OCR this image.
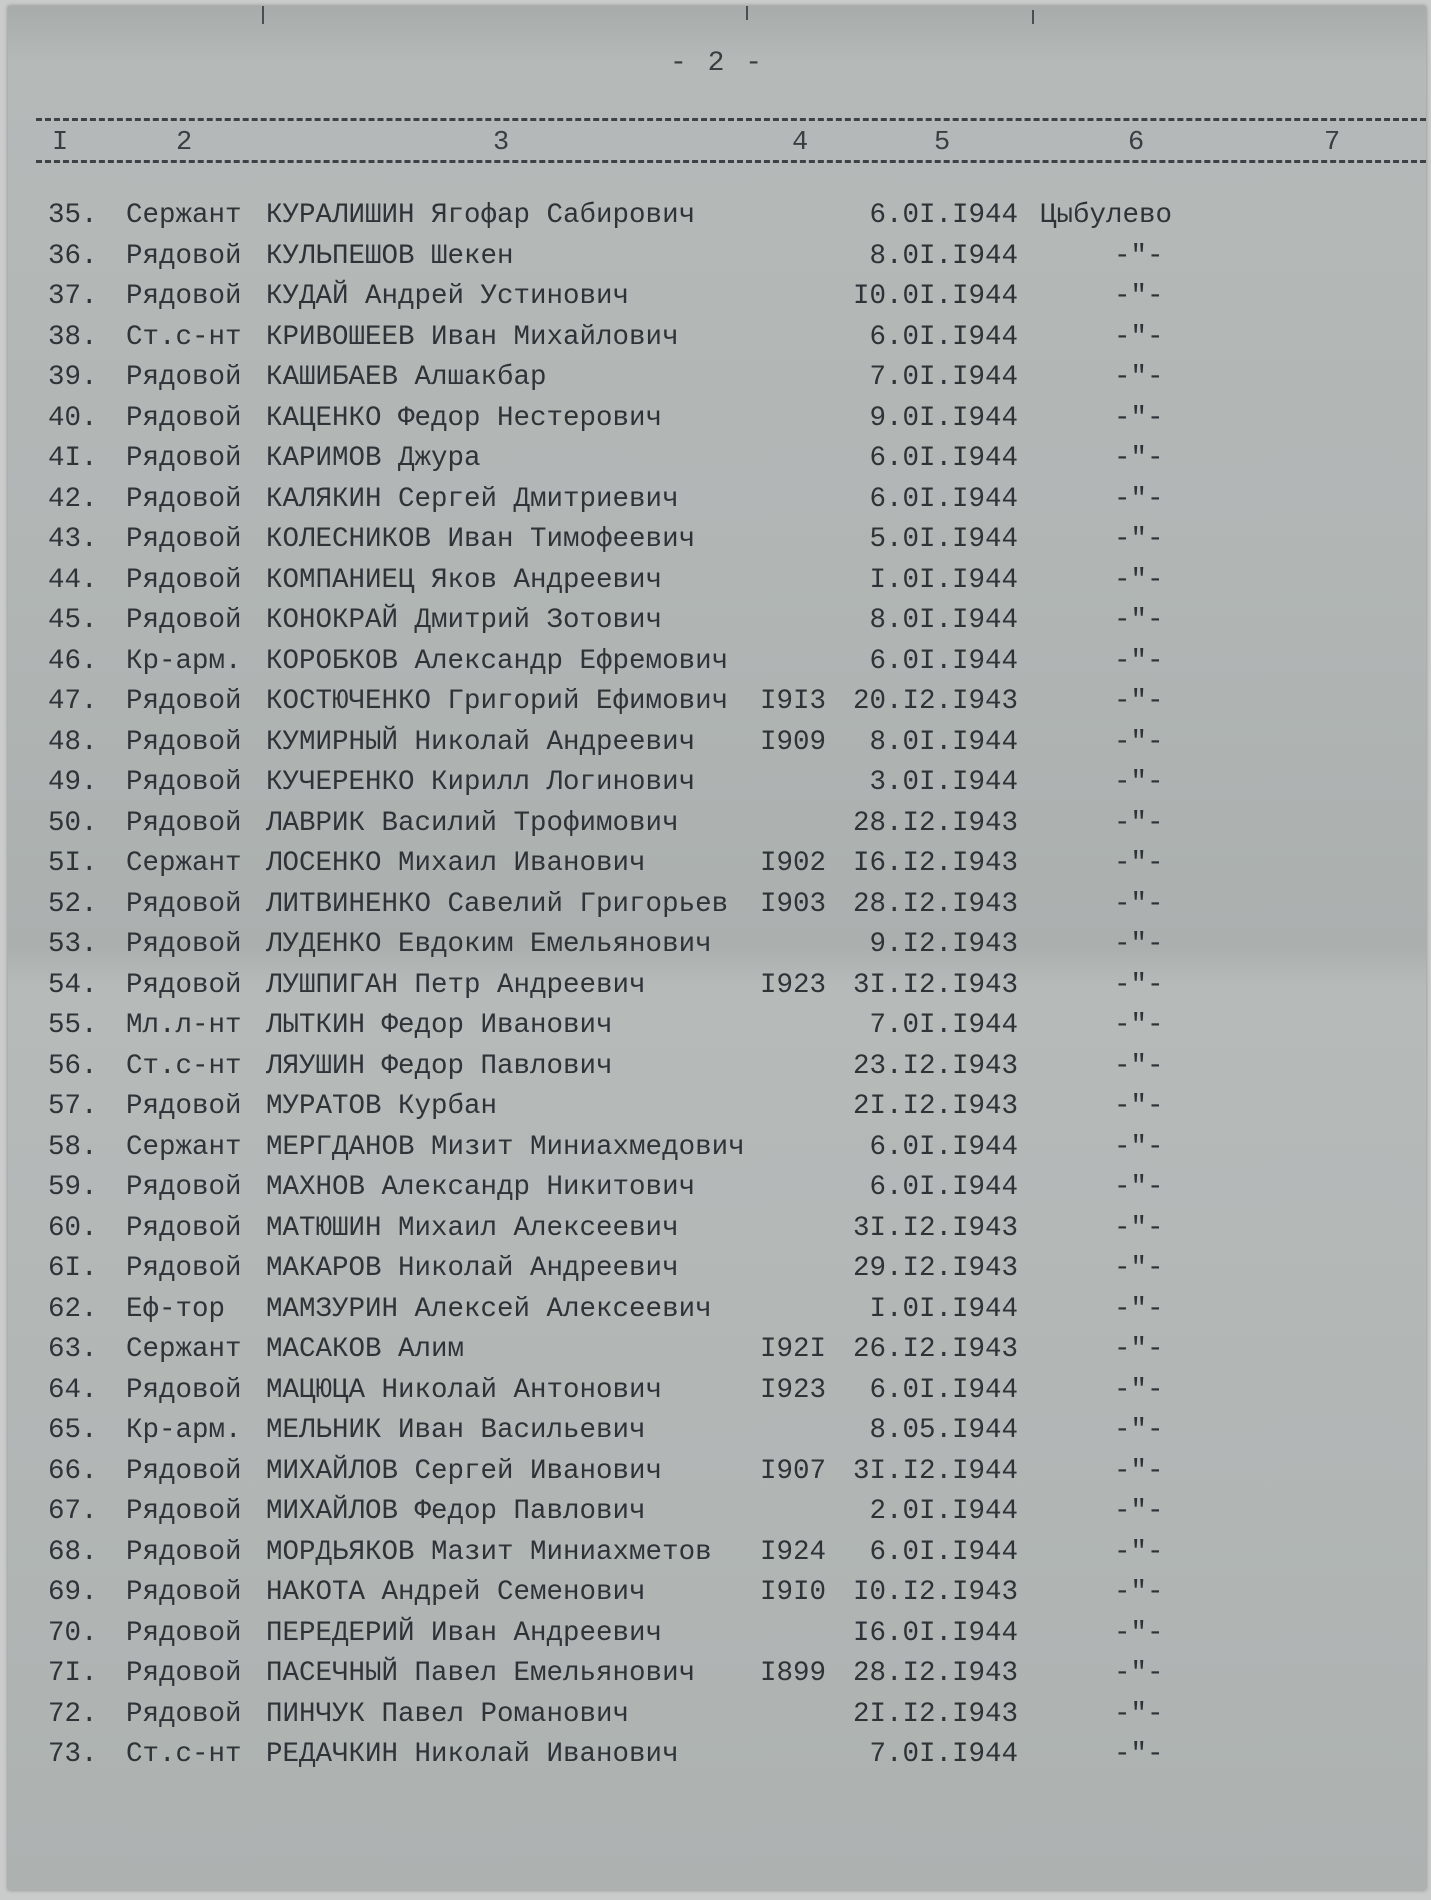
- 2 -
I	2	3	4	5	6	7
35. Сержант КУРАЛИШИН Ягофар Сабирович	6.0I.I944 Цыбулево
36. Рядовой КУЛЬПЕШОВ Шекен	8.0I.I944	-"-
37. Рядовой КУДАЙ Андрей Устинович	I0.0I.I944	-"-
38. Ст.с-нт КРИВОШЕЕВ Иван Михайлович	6.0I.I944	-"-
39. Рядовой КАШИБАЕВ Алшакбар	7.0I.I944	-"-
40. Рядовой КАЦЕНКО Федор Нестерович	9.0I.I944	-"-
4I. Рядовой КАРИМОВ Джура	6.0I.I944	-"-
42. Рядовой КАЛЯКИН Сергей Дмитриевич	6.0I.I944	-"-
43. Рядовой КОЛЕСНИКОВ Иван Тимофеевич	5.0I.I944	-"-
44. Рядовой КОМПАНИЕЦ Яков Андреевич	I.0I.I944	-"-
45. Рядовой КОНОКРАЙ Дмитрий Зотович	8.0I.I944	-"-
46. Кр-арм. КОРОБКОВ Александр Ефремович	6.0I.I944	-"-
47. Рядовой КОСТЮЧЕНКО Григорий Ефимович I9I3 20.I2.I943	-"-
48. Рядовой КУМИРНЫЙ Николай Андреевич I909 8.0I.I944	-"-
49. Рядовой КУЧЕРЕНКО Кирилл Логинович	3.0I.I944	-"-
50. Рядовой ЛАВРИК Василий Трофимович	28.I2.I943	-"-
5I. Сержант ЛОСЕНКО Михаил Иванович	I902 I6.I2.I943	-"-
52. Рядовой ЛИТВИНЕНКО Савелий Григорьев I903 28.I2.I943	-"-
53. Рядовой ЛУДЕНКО Евдоким Емельянович	9.I2.I943	-"-
54. Рядовой ЛУШПИГАН Петр Андреевич	I923 3I.I2.I943	-"-
55. Мл.л-нт ЛЫТКИН Федор Иванович	7.0I.I944	-"-
56. Ст.с-нт ЛЯУШИН Федор Павлович	23.I2.I943	-"-
57. Рядовой МУРАТОВ Курбан	2I.I2.I943	-"-
58. Сержант МЕРГДАНОВ Мизит Миниахмедович	6.0I.I944	-"-
59. Рядовой МАХНОВ Александр Никитович	6.0I.I944	-"-
60. Рядовой МАТЮШИН Михаил Алексеевич	3I.I2.I943	-"-
6I. Рядовой МАКАРОВ Николай Андреевич	29.I2.I943	-"-
62. Еф-тор МАМЗУРИН Алексей Алексеевич	I.0I.I944	-"-
63. Сержант МАСАКОВ Алим	I92I 26.I2.I943	-"-
64. Рядовой МАЦЮЦА Николай Антонович	I923 6.0I.I944	-"-
65. Кр-арм. МЕЛЬНИК Иван Васильевич	8.05.I944	-"-
66. Рядовой МИХАЙЛОВ Сергей Иванович	I907 3I.I2.I944	-"-
67. Рядовой МИХАЙЛОВ Федор Павлович	2.0I.I944	-"-
68. Рядовой МОРДЬЯКОВ Мазит Миниахметов I924 6.0I.I944	-"-
69. Рядовой НАКОТА Андрей Семенович	I9I0 I0.I2.I943	-"-
70. Рядовой ПЕРЕДЕРИЙ Иван Андреевич	I6.0I.I944	-"-
7I. Рядовой ПАСЕЧНЫЙ Павел Емельянович I899 28.I2.I943	-"-
72. Рядовой ПИНЧУК Павел Романович	2I.I2.I943	-"-
73. Ст.с-нт РЕДАЧКИН Николай Иванович	7.0I.I944	-"-
